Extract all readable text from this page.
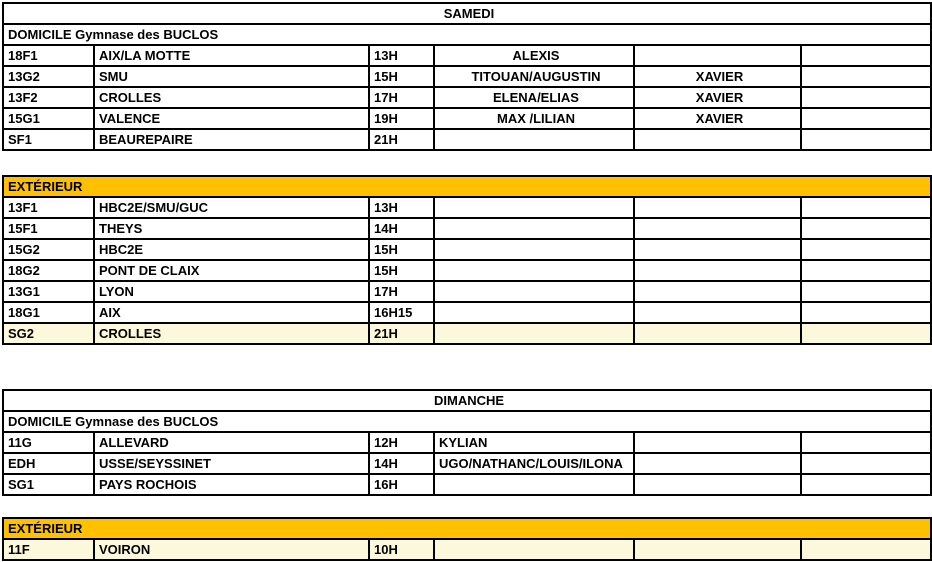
SAMEDI					
DOMICILE Gymnase des BUCLOS					
18F1	AIX/LA MOTTE	13H	ALEXIS		
13G2	SMU	15H	TITOUAN/AUGUSTIN	XAVIER	
13F2	CROLLES	17H	ELENA/ELIAS	XAVIER	
15G1	VALENCE	19H	MAX /LILIAN	XAVIER	
SF1	BEAUREPAIRE	21H			
EXTÉRIEUR					
13F1	HBC2E/SMU/GUC	13H			
15F1	THEYS	14H			
15G2	HBC2E	15H			
18G2	PONT DE CLAIX	15H			
13G1	LYON	17H			
18G1	AIX	16H15			
SG2	CROLLES	21H			
DIMANCHE					
DOMICILE Gymnase des BUCLOS					
11G	ALLEVARD	12H	KYLIAN		
EDH	USSE/SEYSSINET	14H	UGO/NATHANC/LOUIS/ILONA		
SG1	PAYS ROCHOIS	16H			
EXTÉRIEUR
11F	VOIRON	10H			
